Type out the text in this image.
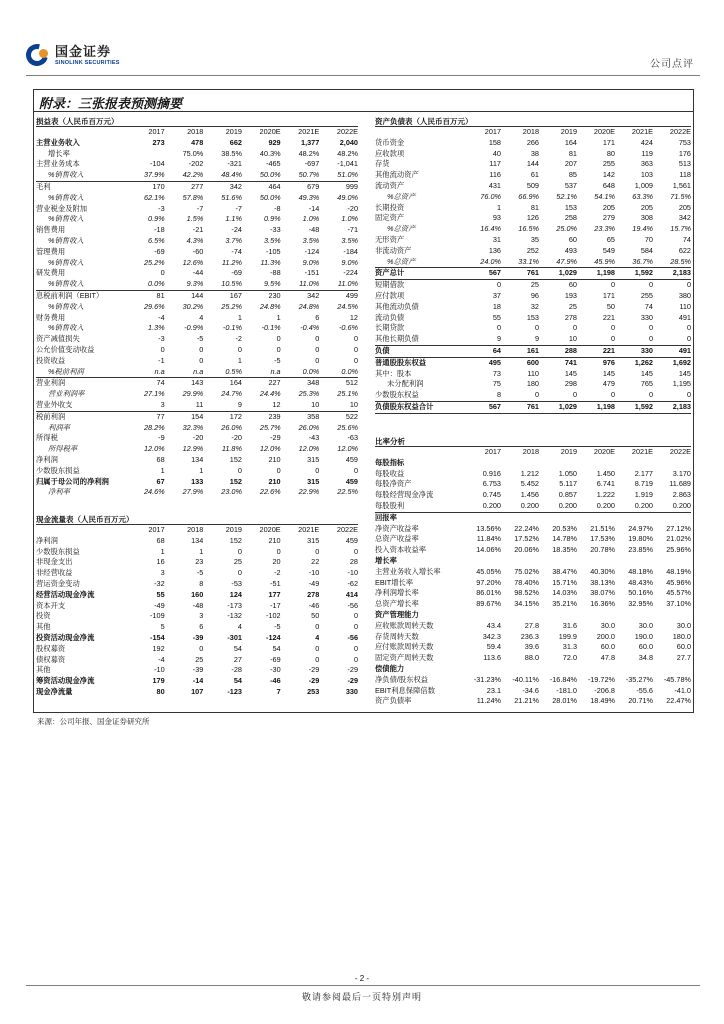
国金证券
SINOLINK SECURITIES	公司点评
附录：三张报表预测摘要
损益表（人民币百万元）
	2017	2018	2019	2020E	2021E	2022E
主营业务收入	273	478	662	929	1,377	2,040
增长率		75.0%	38.5%	40.3%	48.2%	48.2%
主营业务成本	-104	-202	-321	-465	-697	-1,041
%销售收入	37.9%	42.2%	48.4%	50.0%	50.7%	51.0%
毛利	170	277	342	464	679	999
%销售收入	62.1%	57.8%	51.6%	50.0%	49.3%	49.0%
营业税金及附加	-3	-7	-7	-8	-14	-20
%销售收入	0.9%	1.5%	1.1%	0.9%	1.0%	1.0%
销售费用	-18	-21	-24	-33	-48	-71
%销售收入	6.5%	4.3%	3.7%	3.5%	3.5%	3.5%
管理费用	-69	-60	-74	-105	-124	-184
%销售收入	25.2%	12.6%	11.2%	11.3%	9.0%	9.0%
研发费用	0	-44	-69	-88	-151	-224
%销售收入	0.0%	9.3%	10.5%	9.5%	11.0%	11.0%
息税前利润（EBIT）	81	144	167	230	342	499
%销售收入	29.6%	30.2%	25.2%	24.8%	24.8%	24.5%
财务费用	-4	4	1	1	6	12
%销售收入	1.3%	-0.9%	-0.1%	-0.1%	-0.4%	-0.6%
资产减值损失	-3	-5	-2	0	0	0
公允价值变动收益	0	0	0	0	0	0
投资收益	-1	0	1	-5	0	0
%税前利润	n.a	n.a	0.5%	n.a	0.0%	0.0%
营业利润	74	143	164	227	348	512
营业利润率	27.1%	29.9%	24.7%	24.4%	25.3%	25.1%
营业外收支	3	11	9	12	10	10
税前利润	77	154	172	239	358	522
利润率	28.2%	32.3%	26.0%	25.7%	26.0%	25.6%
所得税	-9	-20	-20	-29	-43	-63
所得税率	12.0%	12.9%	11.8%	12.0%	12.0%	12.0%
净利润	68	134	152	210	315	459
少数股东损益	1	1	0	0	0	0
归属于母公司的净利润	67	133	152	210	315	459
净利率	24.6%	27.9%	23.0%	22.6%	22.9%	22.5%
现金流量表（人民币百万元）
	2017	2018	2019	2020E	2021E	2022E
净利润	68	134	152	210	315	459
少数股东损益	1	1	0	0	0	0
非现金支出	16	23	25	20	22	28
非经营收益	3	-5	0	-2	-10	-10
营运资金变动	-32	8	-53	-51	-49	-62
经营活动现金净流	55	160	124	177	278	414
资本开支	-49	-48	-173	-17	-46	-56
投资	-109	3	-132	-102	50	0
其他	5	6	4	-5	0	0
投资活动现金净流	-154	-39	-301	-124	4	-56
股权募资	192	0	54	54	0	0
债权募资	-4	25	27	-69	0	0
其他	-10	-39	-28	-30	-29	-29
筹资活动现金净流	179	-14	54	-46	-29	-29
现金净流量	80	107	-123	7	253	330
资产负债表（人民币百万元）
	2017	2018	2019	2020E	2021E	2022E
货币资金	158	266	164	171	424	753
应收款项	40	38	81	80	119	176
存货	117	144	207	255	363	513
其他流动资产	116	61	85	142	103	118
流动资产	431	509	537	648	1,009	1,561
%总资产	76.0%	66.9%	52.1%	54.1%	63.3%	71.5%
长期投资	1	81	153	205	205	205
固定资产	93	126	258	279	308	342
%总资产	16.4%	16.5%	25.0%	23.3%	19.4%	15.7%
无形资产	31	35	60	65	70	74
非流动资产	136	252	493	549	584	622
%总资产	24.0%	33.1%	47.9%	45.9%	36.7%	28.5%
资产总计	567	761	1,029	1,198	1,592	2,183
短期借款	0	25	60	0	0	0
应付款项	37	96	193	171	255	380
其他流动负债	18	32	25	50	74	110
流动负债	55	153	278	221	330	491
长期贷款	0	0	0	0	0	0
其他长期负债	9	9	10	0	0	0
负债	64	161	288	221	330	491
普通股股东权益	495	600	741	976	1,262	1,692
其中：股本	73	110	145	145	145	145
未分配利润	75	180	298	479	765	1,195
少数股东权益	8	0	0	0	0	0
负债股东权益合计	567	761	1,029	1,198	1,592	2,183
比率分析
	2017	2018	2019	2020E	2021E	2022E
每股指标						
每股收益	0.916	1.212	1.050	1.450	2.177	3.170
每股净资产	6.753	5.452	5.117	6.741	8.719	11.689
每股经营现金净流	0.745	1.456	0.857	1.222	1.919	2.863
每股股利	0.200	0.200	0.200	0.200	0.200	0.200
回报率						
净资产收益率	13.56%	22.24%	20.53%	21.51%	24.97%	27.12%
总资产收益率	11.84%	17.52%	14.78%	17.53%	19.80%	21.02%
投入资本收益率	14.06%	20.06%	18.35%	20.78%	23.85%	25.96%
增长率						
主营业务收入增长率	45.05%	75.02%	38.47%	40.30%	48.18%	48.19%
EBIT增长率	97.20%	78.40%	15.71%	38.13%	48.43%	45.96%
净利润增长率	86.01%	98.52%	14.03%	38.07%	50.16%	45.57%
总资产增长率	89.67%	34.15%	35.21%	16.36%	32.95%	37.10%
资产管理能力						
应收账款周转天数	43.4	27.8	31.6	30.0	30.0	30.0
存货周转天数	342.3	236.3	199.9	200.0	190.0	180.0
应付账款周转天数	59.4	39.6	31.3	60.0	60.0	60.0
固定资产周转天数	113.6	88.0	72.0	47.8	34.8	27.7
偿债能力						
净负债/股东权益	-31.23%	-40.11%	-16.84%	-19.72%	-35.27%	-45.78%
EBIT利息保障倍数	23.1	-34.6	-181.0	-206.8	-55.6	-41.0
资产负债率	11.24%	21.21%	28.01%	18.49%	20.71%	22.47%
来源：公司年报、国金证券研究所
- 2 -
敬请参阅最后一页特别声明
